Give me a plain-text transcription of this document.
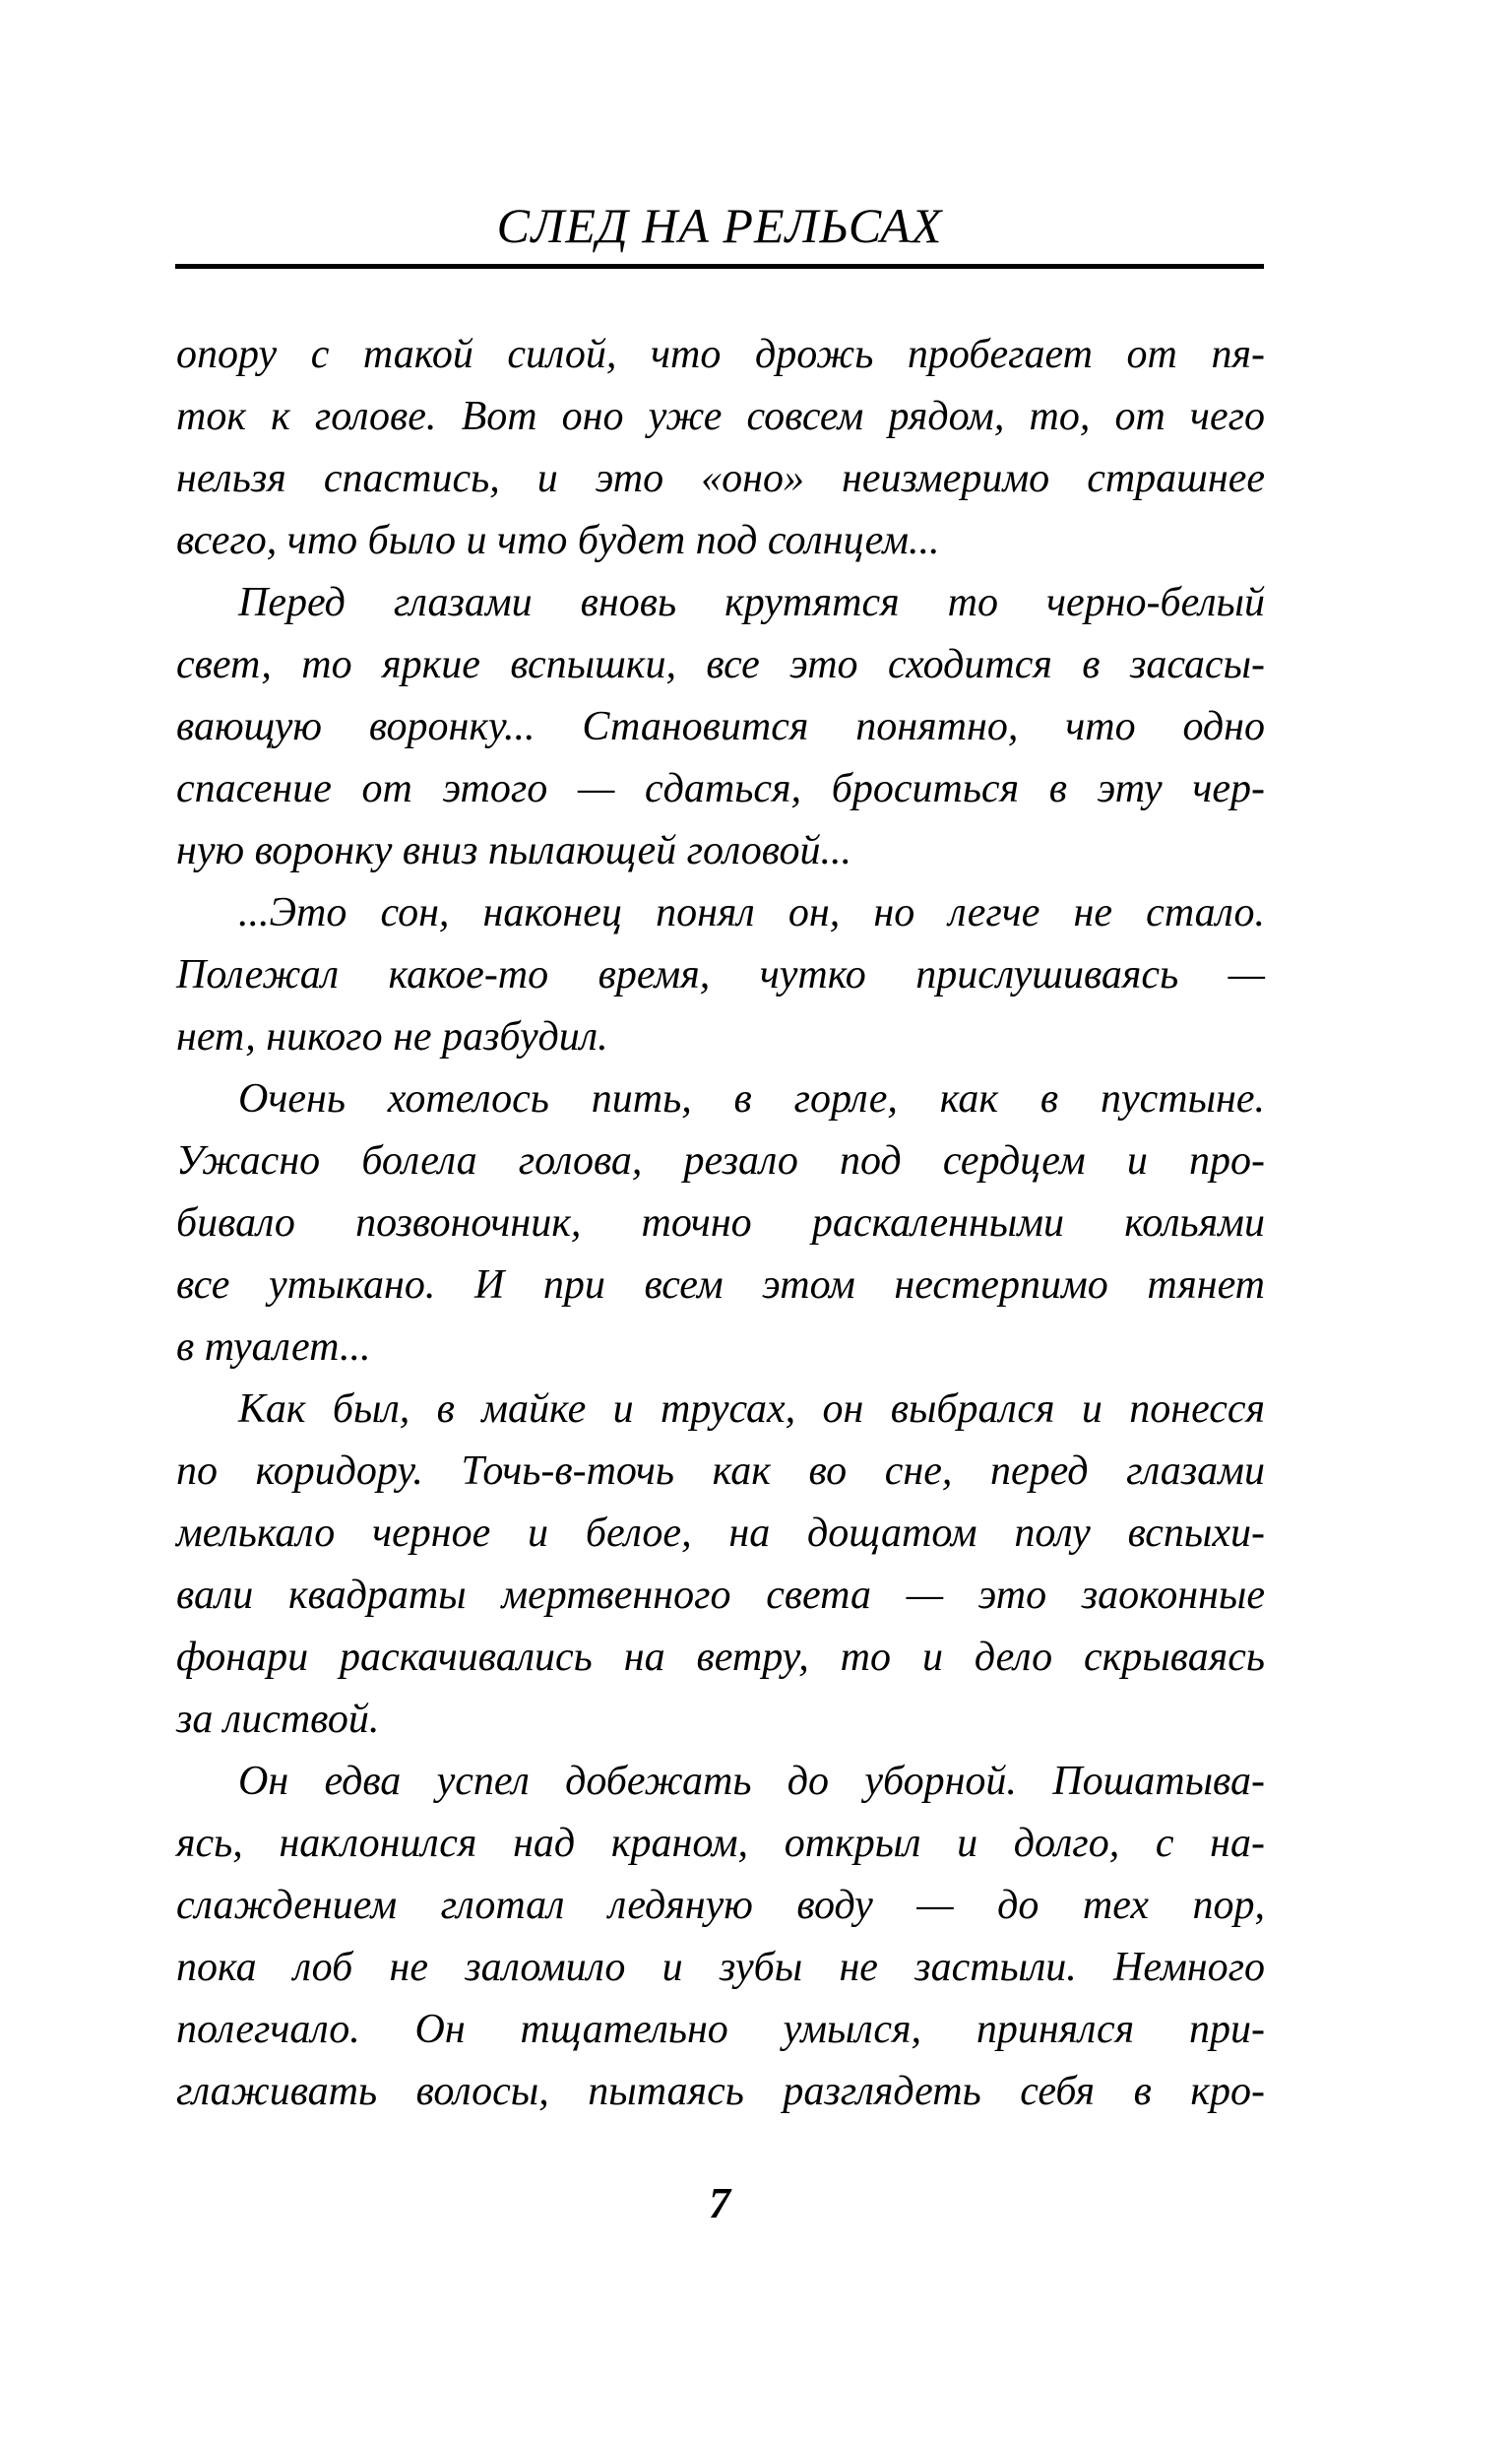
СЛЕД НА РЕЛЬСАХ
опору с такой силой, что дрожь пробегает от пя-
ток к голове. Вот оно уже совсем рядом, то, от чего
нельзя спастись, и это «оно» неизмеримо страшнее
всего, что было и что будет под солнцем...
Перед глазами вновь крутятся то черно-белый
свет, то яркие вспышки, все это сходится в засасы-
вающую воронку... Становится понятно, что одно
спасение от этого — сдаться, броситься в эту чер-
ную воронку вниз пылающей головой...
...Это сон, наконец понял он, но легче не стало.
Полежал какое-то время, чутко прислушиваясь —
нет, никого не разбудил.
Очень хотелось пить, в горле, как в пустыне.
Ужасно болела голова, резало под сердцем и про-
бивало позвоночник, точно раскаленными кольями
все утыкано. И при всем этом нестерпимо тянет
в туалет...
Как был, в майке и трусах, он выбрался и понесся
по коридору. Точь-в-точь как во сне, перед глазами
мелькало черное и белое, на дощатом полу вспыхи-
вали квадраты мертвенного света — это заоконные
фонари раскачивались на ветру, то и дело скрываясь
за листвой.
Он едва успел добежать до уборной. Пошатыва-
ясь, наклонился над краном, открыл и долго, с на-
слаждением глотал ледяную воду — до тех пор,
пока лоб не заломило и зубы не застыли. Немного
полегчало. Он тщательно умылся, принялся при-
глаживать волосы, пытаясь разглядеть себя в кро-
7
